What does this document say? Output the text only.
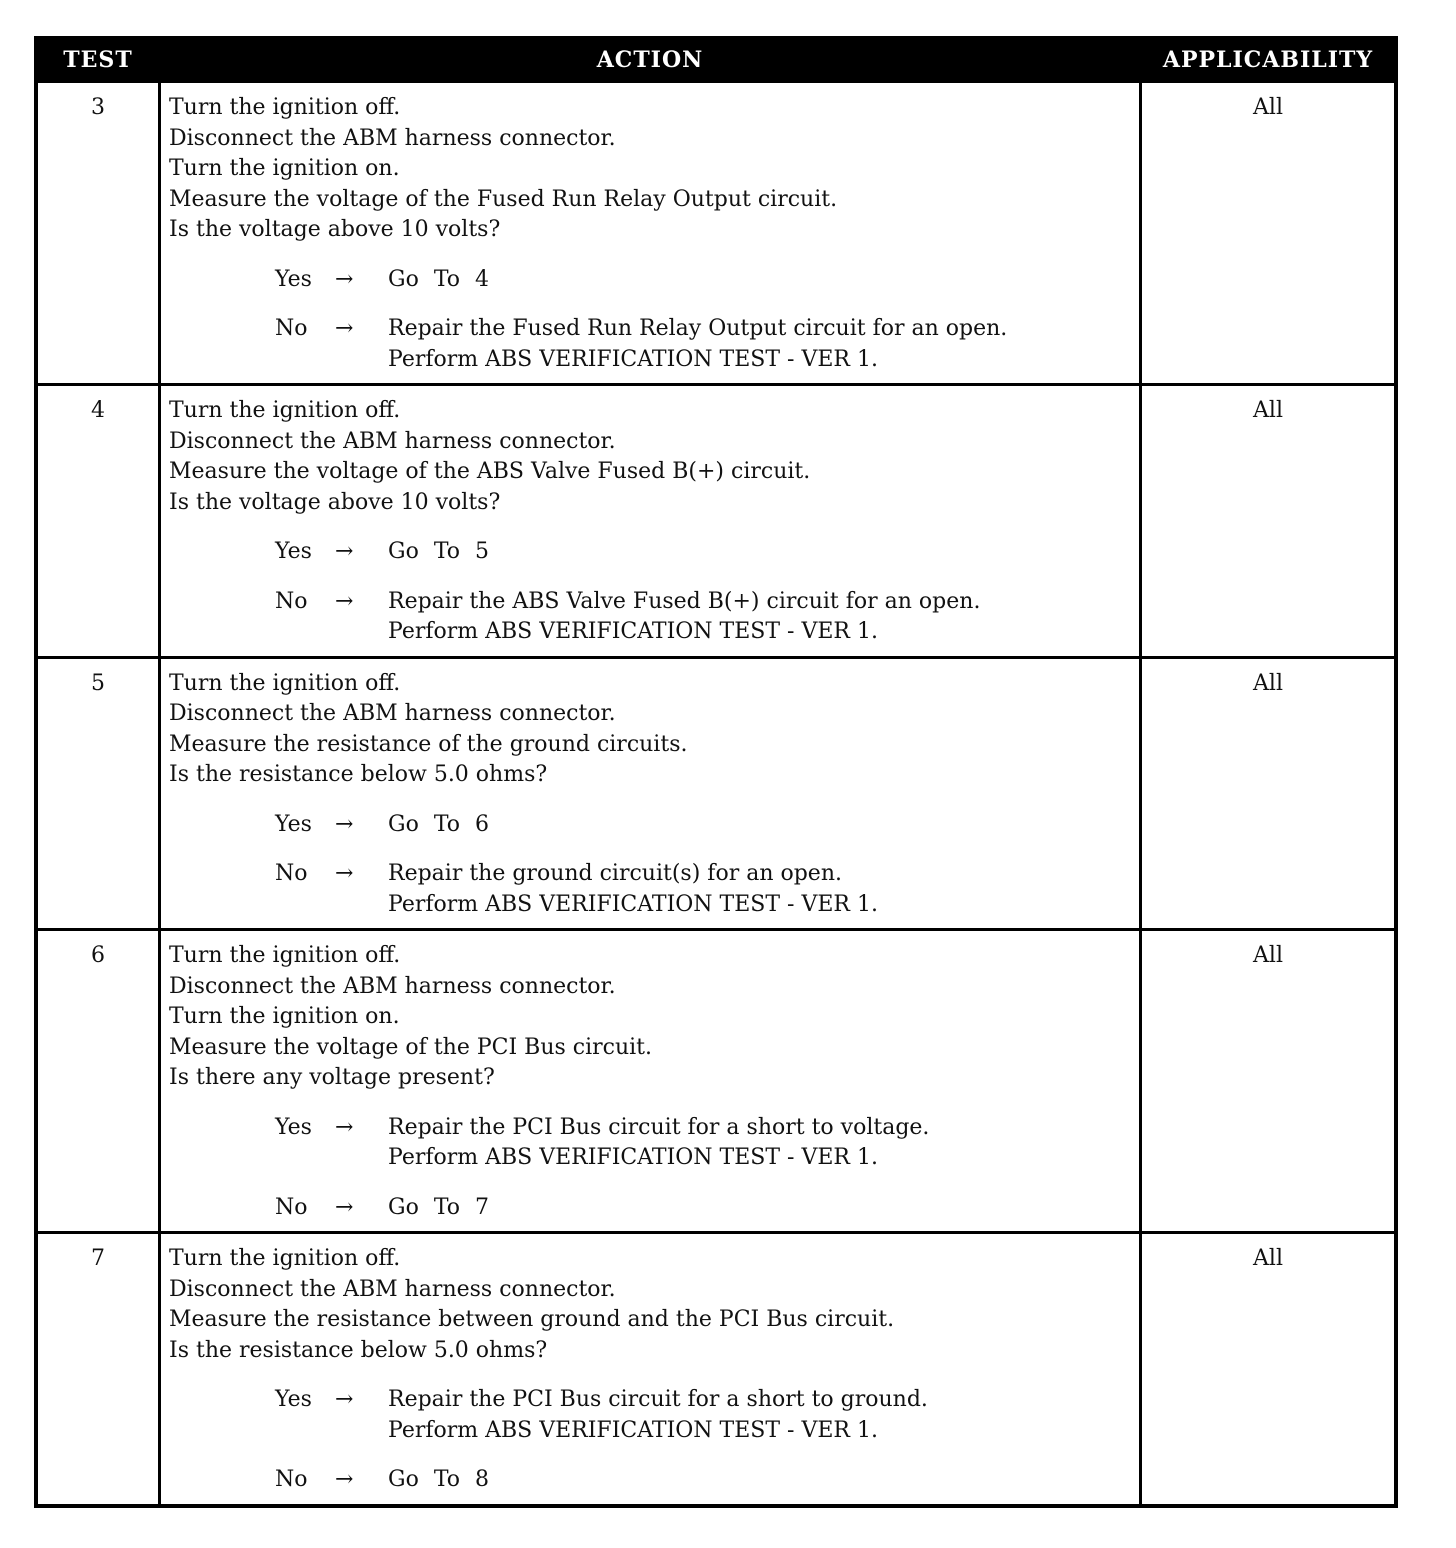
TEST	ACTION	APPLICABILITY
3	Turn the ignition off.
Disconnect the ABM harness connector.
Turn the ignition on.
Measure the voltage of the Fused Run Relay Output circuit.
Is the voltage above 10 volts?
Yes	→	Go To 4
No	→	Repair the Fused Run Relay Output circuit for an open.
Perform ABS VERIFICATION TEST - VER 1.
All
4	Turn the ignition off.
Disconnect the ABM harness connector.
Measure the voltage of the ABS Valve Fused B(+) circuit.
Is the voltage above 10 volts?
Yes	→	Go To 5
No	→	Repair the ABS Valve Fused B(+) circuit for an open.
Perform ABS VERIFICATION TEST - VER 1.
All
5	Turn the ignition off.
Disconnect the ABM harness connector.
Measure the resistance of the ground circuits.
Is the resistance below 5.0 ohms?
Yes	→	Go To 6
No	→	Repair the ground circuit(s) for an open.
Perform ABS VERIFICATION TEST - VER 1.
All
6	Turn the ignition off.
Disconnect the ABM harness connector.
Turn the ignition on.
Measure the voltage of the PCI Bus circuit.
Is there any voltage present?
Yes	→	Repair the PCI Bus circuit for a short to voltage.
Perform ABS VERIFICATION TEST - VER 1.
No	→	Go To 7
All
7	Turn the ignition off.
Disconnect the ABM harness connector.
Measure the resistance between ground and the PCI Bus circuit.
Is the resistance below 5.0 ohms?
Yes	→	Repair the PCI Bus circuit for a short to ground.
Perform ABS VERIFICATION TEST - VER 1.
No	→	Go To 8
All
